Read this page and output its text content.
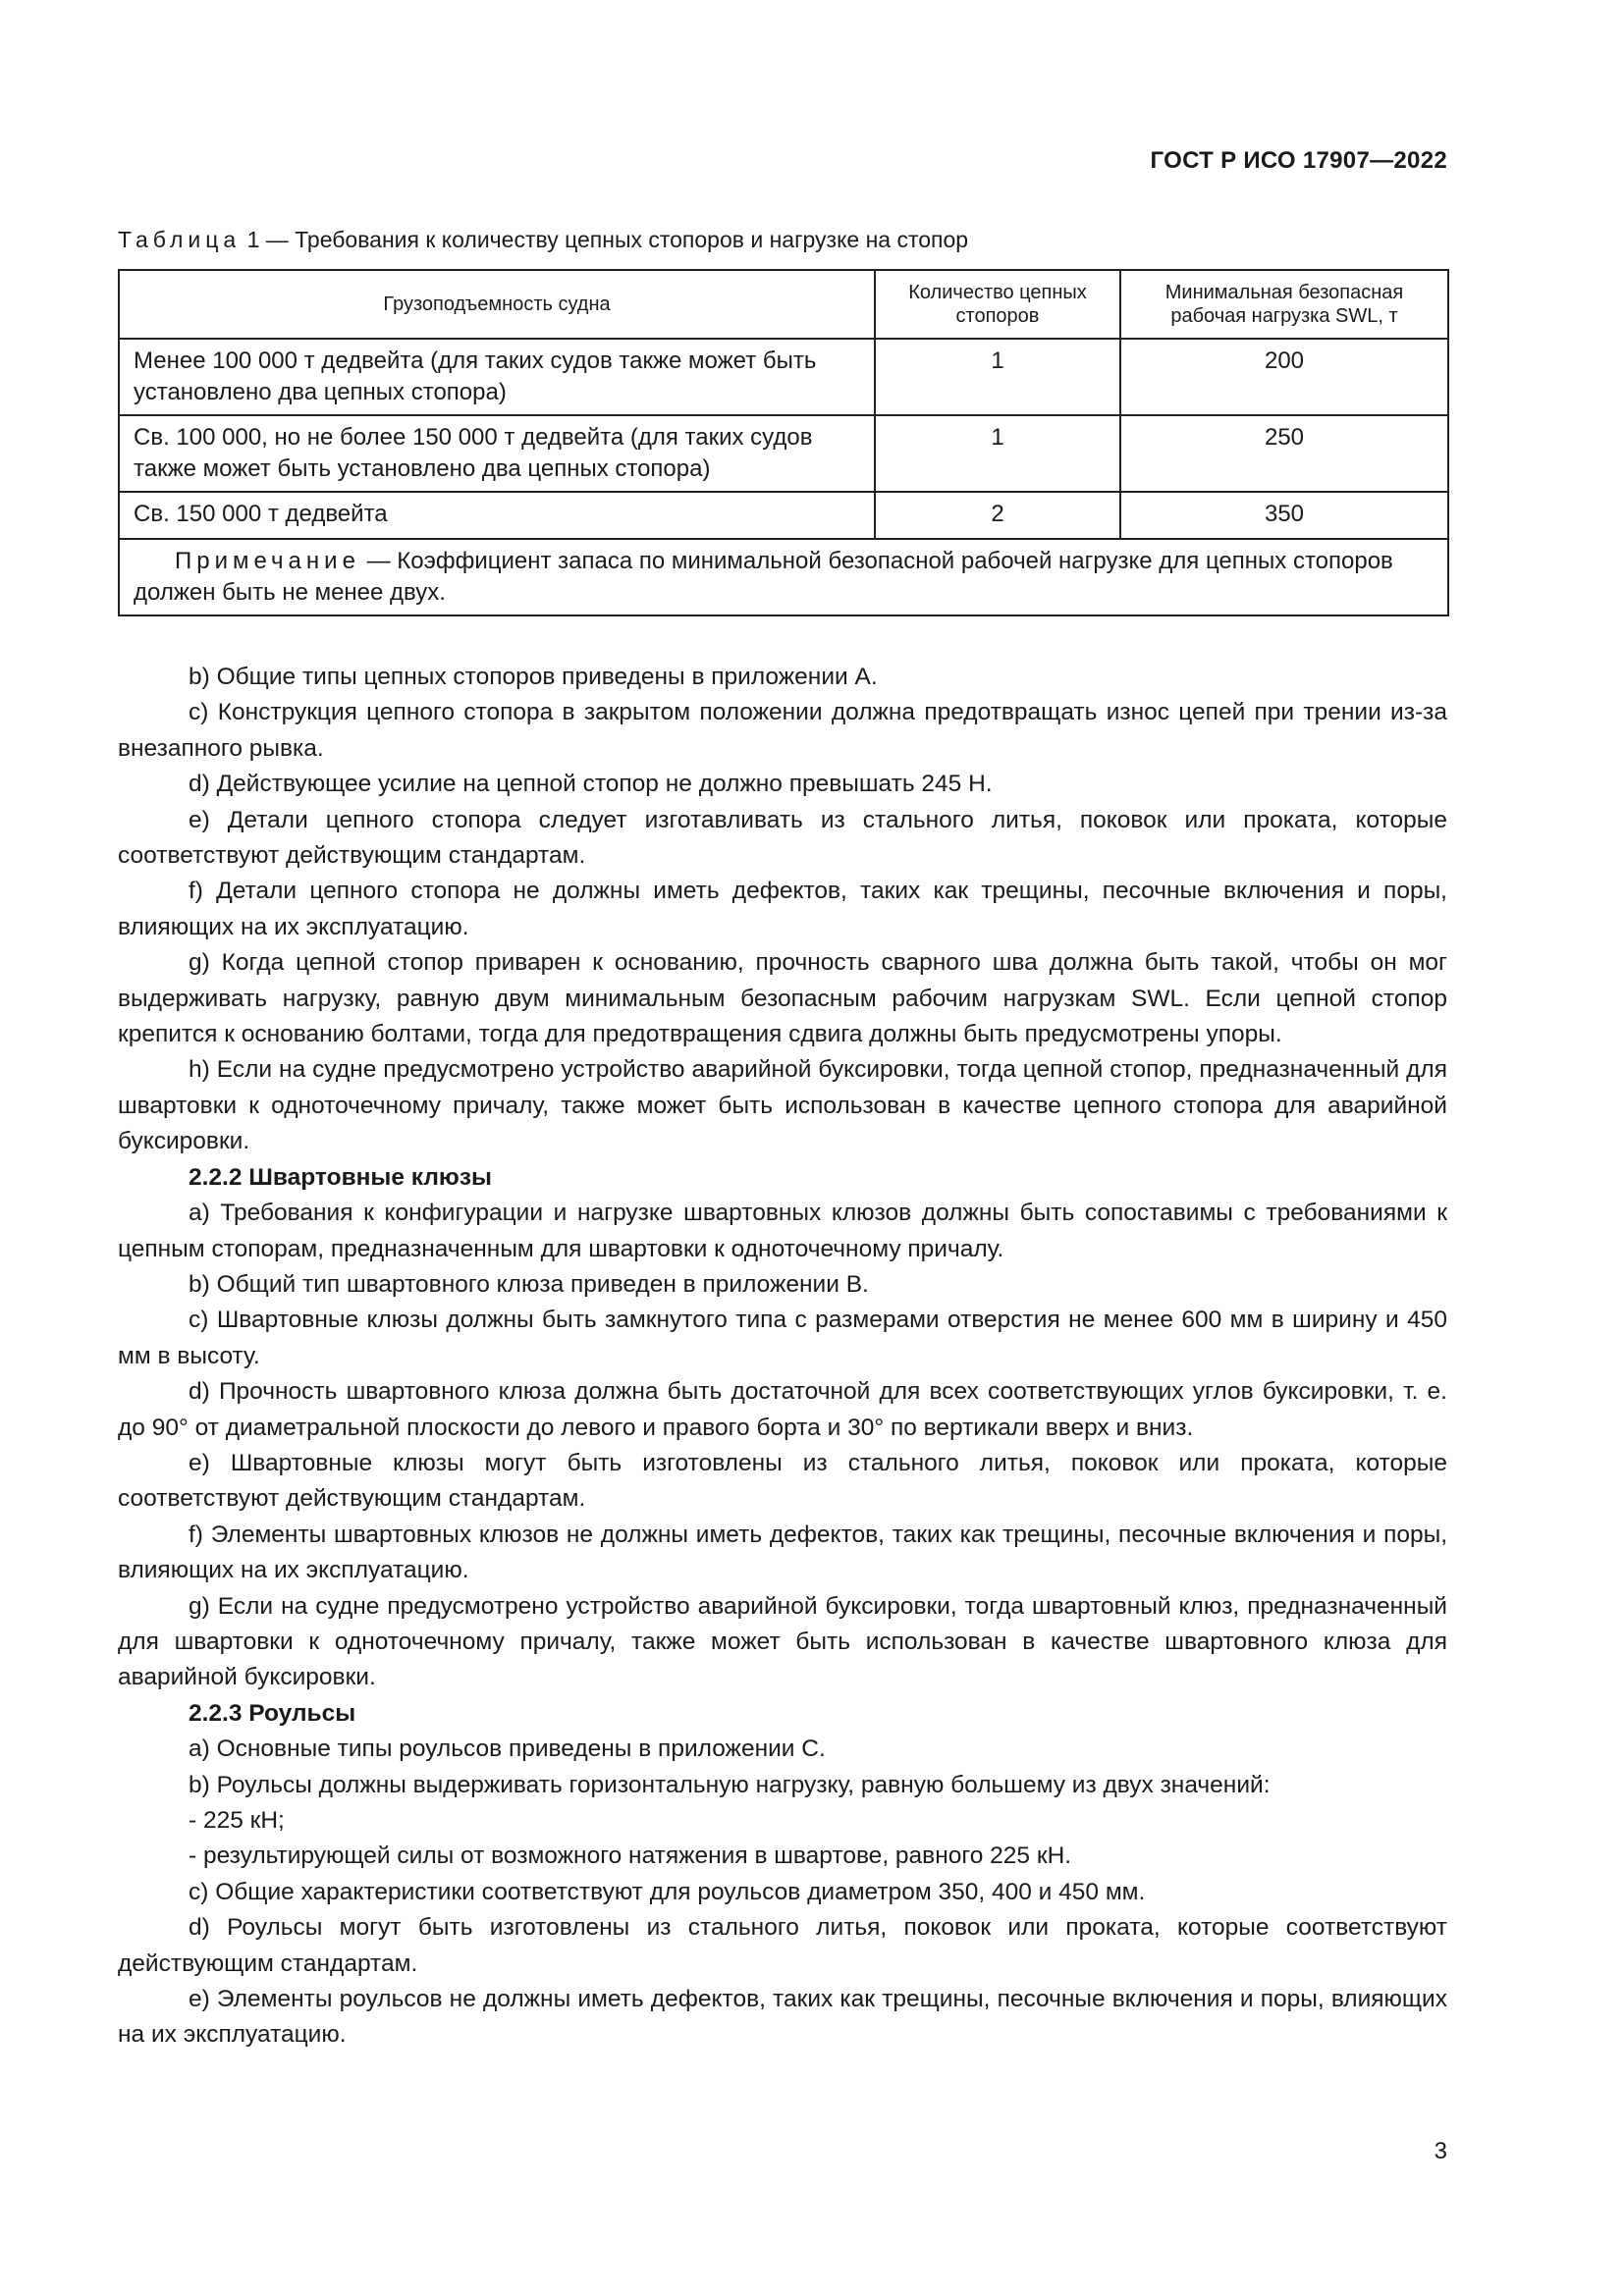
ГОСТ Р ИСО 17907—2022
Таблица 1 — Требования к количеству цепных стопоров и нагрузке на стопор
Грузоподъемность судна	Количество цепных стопоров	Минимальная безопасная рабочая нагрузка SWL, т
Менее 100 000 т дедвейта (для таких судов также может быть установлено два цепных стопора)	1	200
Св. 100 000, но не более 150 000 т дедвейта (для таких судов также может быть установлено два цепных стопора)	1	250
Св. 150 000 т дедвейта	2	350
Примечание — Коэффициент запаса по минимальной безопасной рабочей нагрузке для цепных стопоров должен быть не менее двух.		

b) Общие типы цепных стопоров приведены в приложении А.

c) Конструкция цепного стопора в закрытом положении должна предотвращать износ цепей при трении из-за внезапного рывка.

d) Действующее усилие на цепной стопор не должно превышать 245 Н.

e) Детали цепного стопора следует изготавливать из стального литья, поковок или проката, которые соответствуют действующим стандартам.

f) Детали цепного стопора не должны иметь дефектов, таких как трещины, песочные включения и поры, влияющих на их эксплуатацию.

g) Когда цепной стопор приварен к основанию, прочность сварного шва должна быть такой, чтобы он мог выдерживать нагрузку, равную двум минимальным безопасным рабочим нагрузкам SWL. Если цепной стопор крепится к основанию болтами, тогда для предотвращения сдвига должны быть предусмотрены упоры.

h) Если на судне предусмотрено устройство аварийной буксировки, тогда цепной стопор, предназначенный для швартовки к одноточечному причалу, также может быть использован в качестве цепного стопора для аварийной буксировки.

2.2.2 Швартовные клюзы

a) Требования к конфигурации и нагрузке швартовных клюзов должны быть сопоставимы с требованиями к цепным стопорам, предназначенным для швартовки к одноточечному причалу.

b) Общий тип швартовного клюза приведен в приложении В.

c) Швартовные клюзы должны быть замкнутого типа с размерами отверстия не менее 600 мм в ширину и 450 мм в высоту.

d) Прочность швартовного клюза должна быть достаточной для всех соответствующих углов буксировки, т. е. до 90° от диаметральной плоскости до левого и правого борта и 30° по вертикали вверх и вниз.

e) Швартовные клюзы могут быть изготовлены из стального литья, поковок или проката, которые соответствуют действующим стандартам.

f) Элементы швартовных клюзов не должны иметь дефектов, таких как трещины, песочные включения и поры, влияющих на их эксплуатацию.

g) Если на судне предусмотрено устройство аварийной буксировки, тогда швартовный клюз, предназначенный для швартовки к одноточечному причалу, также может быть использован в качестве швартовного клюза для аварийной буксировки.

2.2.3 Роульсы

a) Основные типы роульсов приведены в приложении С.

b) Роульсы должны выдерживать горизонтальную нагрузку, равную большему из двух значений:

- 225 кН;

- результирующей силы от возможного натяжения в швартове, равного 225 кН.

c) Общие характеристики соответствуют для роульсов диаметром 350, 400 и 450 мм.

d) Роульсы могут быть изготовлены из стального литья, поковок или проката, которые соответствуют действующим стандартам.

e) Элементы роульсов не должны иметь дефектов, таких как трещины, песочные включения и поры, влияющих на их эксплуатацию.

3
